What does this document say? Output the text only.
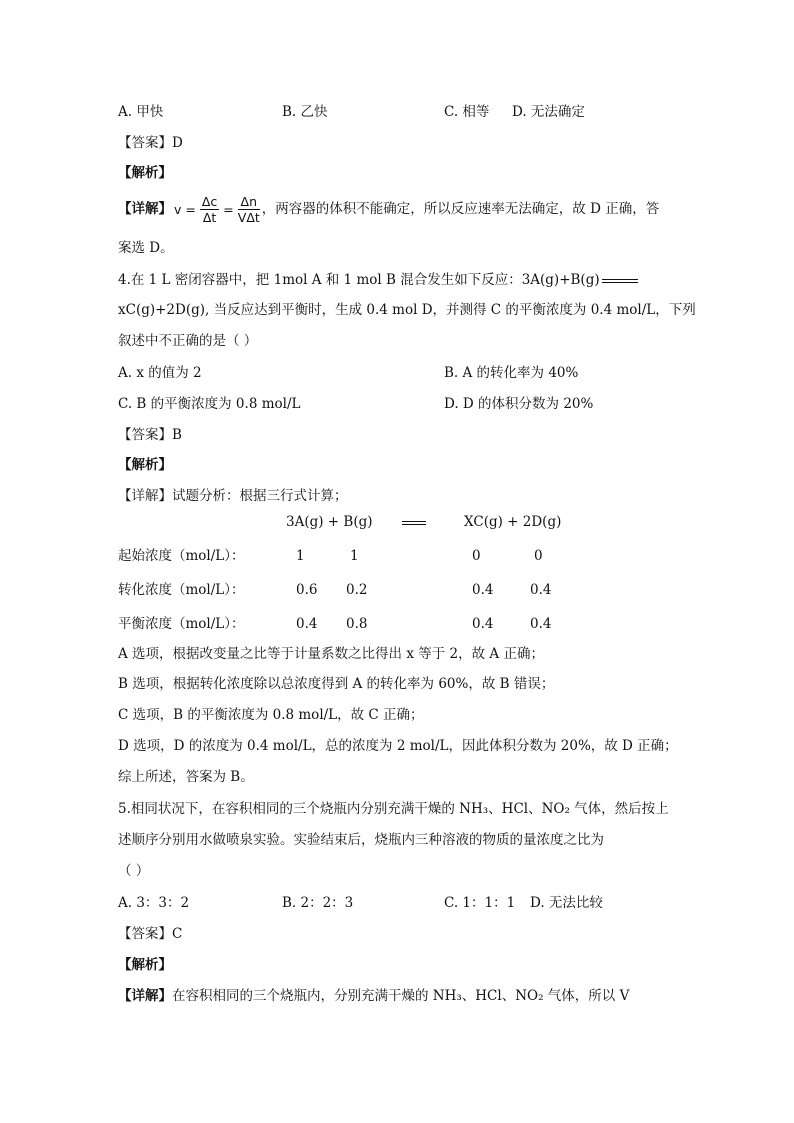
A. 甲快	B. 乙快	C. 相等 D. 无法确定
【答案】D
【解析】
【详解】 $v = \frac{\Delta c}{\Delta t} = \frac{\Delta n}{\text{VΔt}}$ ，两容器的体积不能确定，所以反应速率无法确定，故 D 正确，答
案选 D。
4.在 1 L 密闭容器中，把 1mol A 和 1 mol B 混合发生如下反应：3A(g)+B(g)
xC(g)+2D(g), 当反应达到平衡时，生成 0.4 mol D，并测得 C 的平衡浓度为 0.4 mol/L，下列
叙述中不正确的是（ ）
A. x 的值为 2	B. A 的转化率为 40%
C. B 的平衡浓度为 0.8 mol/L	D. D 的体积分数为 20%
【答案】B
【解析】
【详解】试题分析：根据三行式计算；
3A(g) + B(g)	XC(g) + 2D(g)
起始浓度（mol/L）：	1	1	0	0
转化浓度（mol/L）：	0.6 0.2	0.4	0.4
平衡浓度（mol/L）：	0.4 0.8	0.4	0.4
A 选项，根据改变量之比等于计量系数之比得出 x 等于 2，故 A 正确；
B 选项，根据转化浓度除以总浓度得到 A 的转化率为 60%，故 B 错误；
C 选项，B 的平衡浓度为 0.8 mol/L，故 C 正确；
D 选项，D 的浓度为 0.4 mol/L，总的浓度为 2 mol/L，因此体积分数为 20%，故 D 正确；
综上所述，答案为 B。
5.相同状况下，在容积相同的三个烧瓶内分别充满干燥的 NH₃、HCl、NO₂ 气体，然后按上
述顺序分别用水做喷泉实验。实验结束后，烧瓶内三种溶液的物质的量浓度之比为
（ ）
A. 3：3：2	B. 2：2：3	C. 1：1：1 D. 无法比较
【答案】C
【解析】
【详解】在容积相同的三个烧瓶内，分别充满干燥的 NH₃、HCl、NO₂ 气体，所以 V
